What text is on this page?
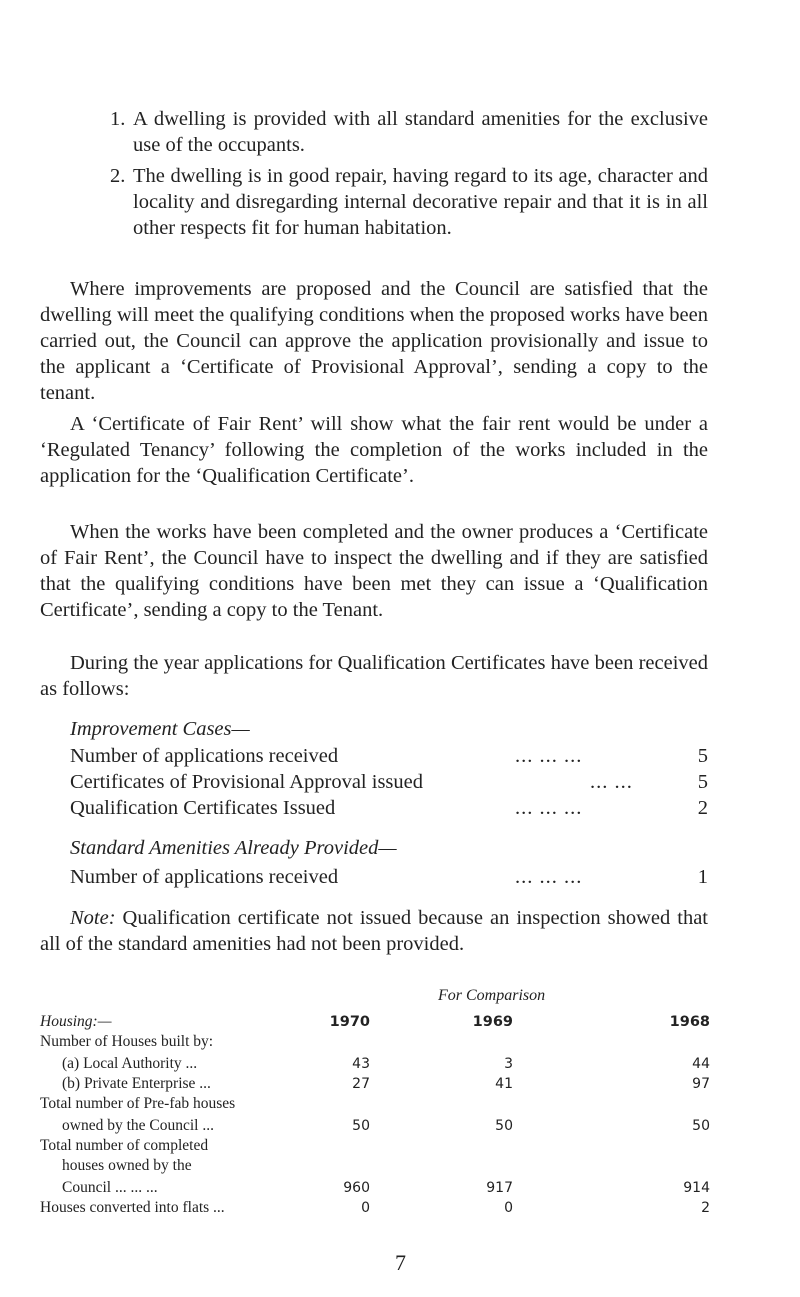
1. A dwelling is provided with all standard amenities for the exclusive use of the occupants.
2. The dwelling is in good repair, having regard to its age, character and locality and disregarding internal decorative repair and that it is in all other respects fit for human habitation.
Where improvements are proposed and the Council are satisfied that the dwelling will meet the qualifying conditions when the proposed works have been carried out, the Council can approve the application provisionally and issue to the applicant a ‘Certificate of Provisional Approval’, sending a copy to the tenant.
A ‘Certificate of Fair Rent’ will show what the fair rent would be under a ‘Regulated Tenancy’ following the completion of the works included in the application for the ‘Qualification Certificate’.
When the works have been completed and the owner produces a ‘Certificate of Fair Rent’, the Council have to inspect the dwelling and if they are satisfied that the qualifying conditions have been met they can issue a ‘Qualification Certificate’, sending a copy to the Tenant.
During the year applications for Qualification Certificates have been received as follows:
Improvement Cases—
Number of applications received	... ... ...	5
Certificates of Provisional Approval issued	... ...	5
Qualification Certificates Issued	... ... ...	2
Standard Amenities Already Provided—
Number of applications received	... ... ...	1
Note: Qualification certificate not issued because an inspection showed that all of the standard amenities had not been provided.
For Comparison
Housing:—	1970	1969	1968
Number of Houses built by:
(a) Local Authority ...	43	3	44
(b) Private Enterprise ...	27	41	97
Total number of Pre-fab houses
owned by the Council ...	50	50	50
Total number of completed
houses owned by the
Council ... ... ...	960	917	914
Houses converted into flats ...	0	0	2
7
